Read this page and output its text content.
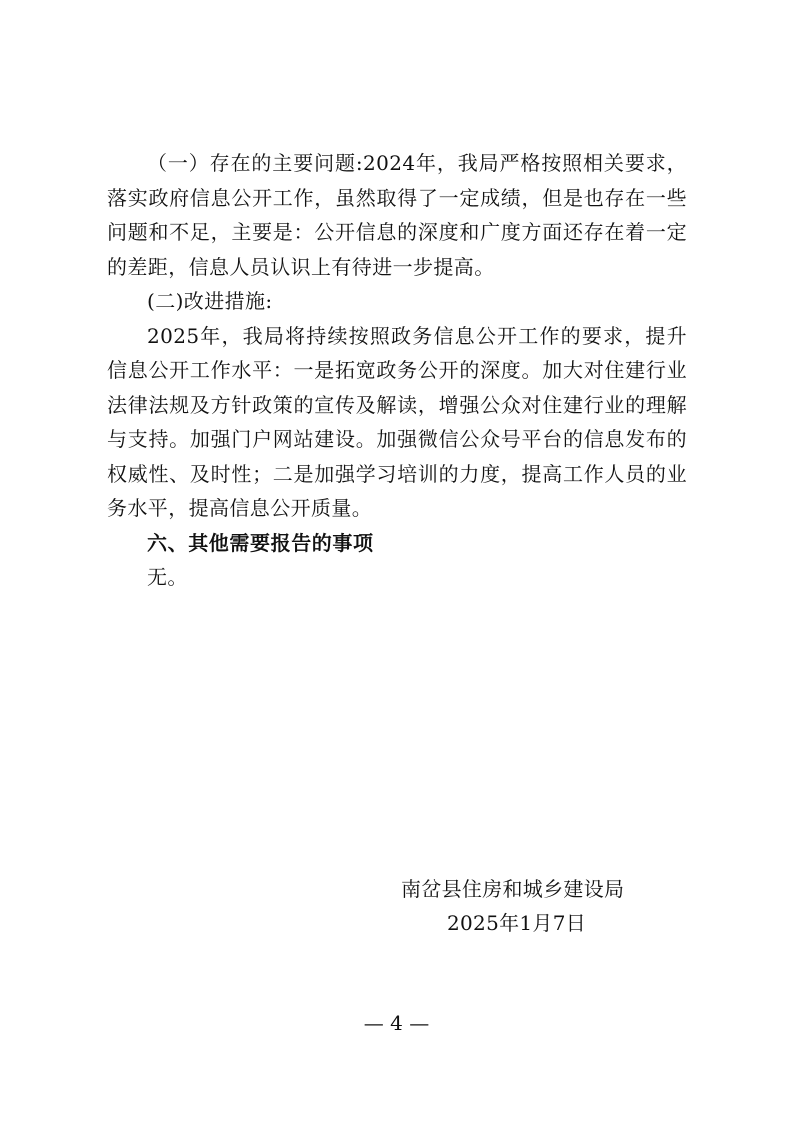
（一）存在的主要问题:2024年，我局严格按照相关要求，落实政府信息公开工作，虽然取得了一定成绩，但是也存在一些问题和不足，主要是：公开信息的深度和广度方面还存在着一定的差距，信息人员认识上有待进一步提高。

(二)改进措施:

2025年，我局将持续按照政务信息公开工作的要求，提升信息公开工作水平：一是拓宽政务公开的深度。加大对住建行业法律法规及方针政策的宣传及解读，增强公众对住建行业的理解与支持。加强门户网站建设。加强微信公众号平台的信息发布的权威性、及时性；二是加强学习培训的力度，提高工作人员的业务水平，提高信息公开质量。

六、其他需要报告的事项

无。

南岔县住房和城乡建设局
2025年1月7日
— 4 —
